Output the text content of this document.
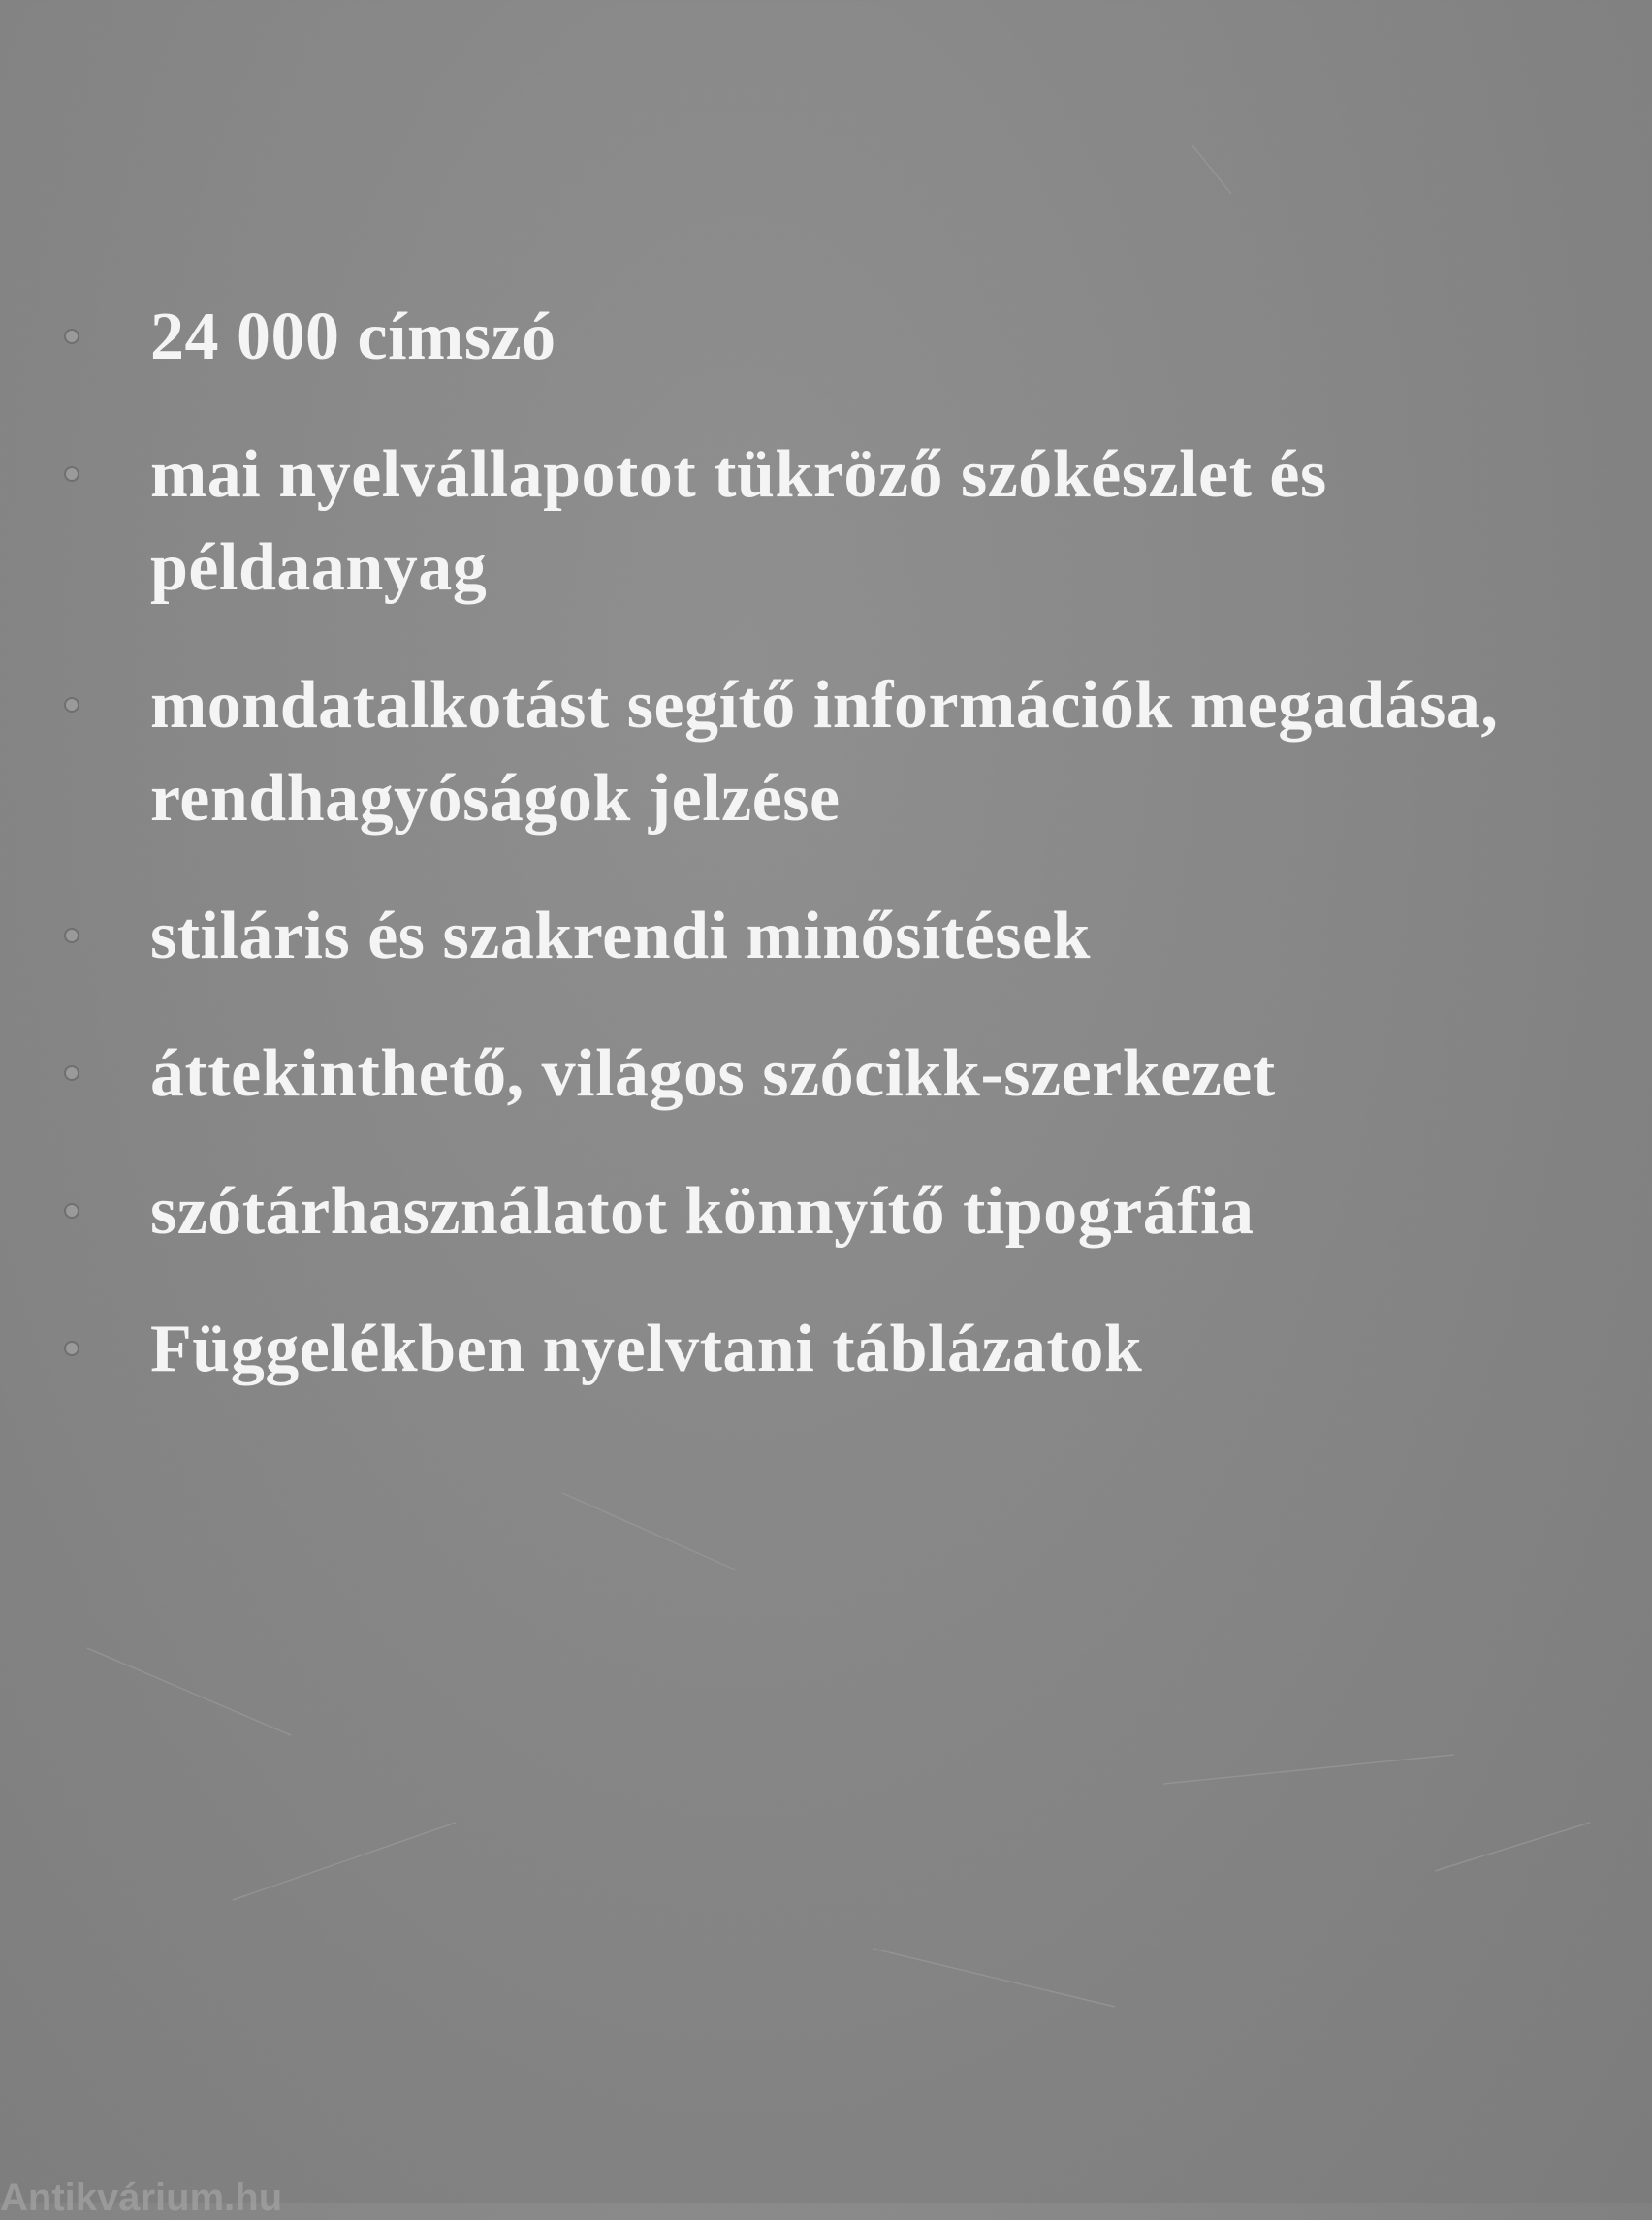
24 000 címszó
mai nyelvállapotot tükröző szókészlet és példaanyag
mondatalkotást segítő információk megadása, rendhagyóságok jelzése
stiláris és szakrendi minősítések
áttekinthető, világos szócikk-szerkezet
szótárhasználatot könnyítő tipográfia
Függelékben nyelvtani táblázatok
Antikvárium.hu
